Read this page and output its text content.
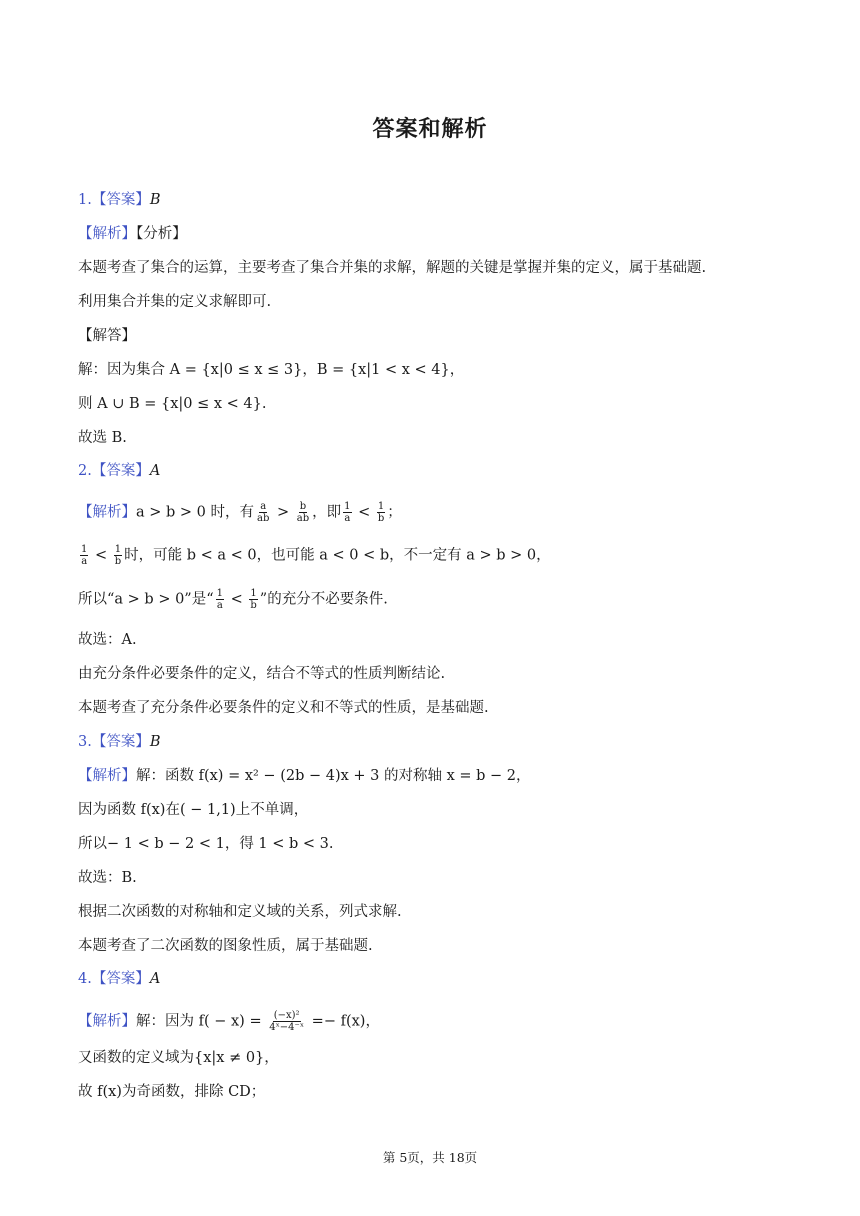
答案和解析
1.【答案】B
【解析】【分析】
本题考查了集合的运算，主要考查了集合并集的求解，解题的关键是掌握并集的定义，属于基础题.
利用集合并集的定义求解即可.
【解答】
解：因为集合 A = {x|0 ≤ x ≤ 3}，B = {x|1 < x < 4}，
则 A ∪ B = {x|0 ≤ x < 4}.
故选 B.
2.【答案】A
【解析】a > b > 0 时，有 $\frac{a}{ab} > \frac{b}{ab}$ ，即 $\frac{1}{a} < \frac{1}{b}$ ；
$\frac{1}{a} < \frac{1}{b}$ 时，可能 b < a < 0，也可能 a < 0 < b，不一定有 a > b > 0，
所以“a > b > 0”是“ $\frac{1}{a} < \frac{1}{b}$ ”的充分不必要条件.
故选：A.
由充分条件必要条件的定义，结合不等式的性质判断结论.
本题考查了充分条件必要条件的定义和不等式的性质，是基础题.
3.【答案】B
【解析】解：函数 f(x) = x² − (2b − 4)x + 3 的对称轴 x = b − 2，
因为函数 f(x)在( − 1,1)上不单调，
所以− 1 < b − 2 < 1，得 1 < b < 3.
故选：B.
根据二次函数的对称轴和定义域的关系，列式求解.
本题考查了二次函数的图象性质，属于基础题.
4.【答案】A
【解析】解：因为 $f( - x) = \frac{\text{(−x)²}}{\text{4ˣ−4⁻ˣ}} =- f(x)$，
又函数的定义域为{x|x ≠ 0}，
故 f(x)为奇函数，排除 CD；
第 5页，共 18页
